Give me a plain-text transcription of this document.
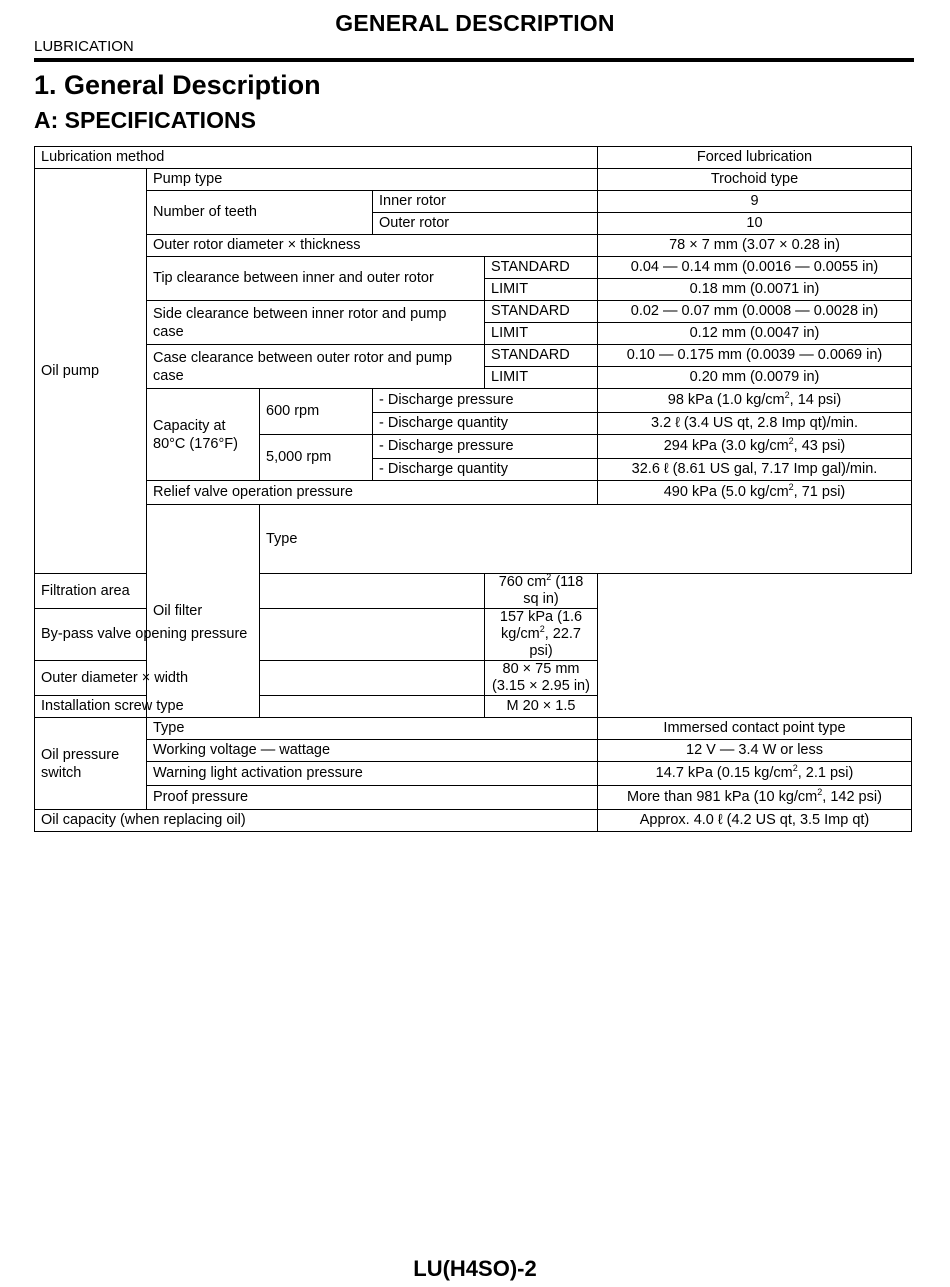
GENERAL DESCRIPTION
LUBRICATION
1. General Description
A: SPECIFICATIONS
Lubrication method					Forced lubrication	
Oil pump	Pump type				Trochoid type	
	Number of teeth		Inner rotor		9	
			Outer rotor		10	
	Outer rotor diameter × thickness				78 × 7 mm (3.07 × 0.28 in)	
	Tip clearance between inner and outer rotor			STANDARD	0.04 — 0.14 mm (0.0016 — 0.0055 in)	
				LIMIT	0.18 mm (0.0071 in)	
	Side clearance between inner rotor and pump case			STANDARD	0.02 — 0.07 mm (0.0008 — 0.0028 in)	
				LIMIT	0.12 mm (0.0047 in)	
	Case clearance between outer rotor and pump case			STANDARD	0.10 — 0.175 mm (0.0039 — 0.0069 in)	
				LIMIT	0.20 mm (0.0079 in)	
	Capacity at 80°C (176°F)	600 rpm	- Discharge pressure		98 kPa (1.0 $kg/cm^2$, 14 psi)	
			- Discharge quantity		3.2 ℓ (3.4 US qt, 2.8 Imp qt)/min.	
		5,000 rpm	- Discharge pressure		294 kPa (3.0 $kg/cm^2$, 43 psi)	
			- Discharge quantity		32.6 ℓ (8.61 US gal, 7.17 Imp gal)/min.	
	Relief valve operation pressure				490 kPa (5.0 $kg/cm^2$, 71 psi)	
	Oil filter	Type	
Filtration area				760 $cm^2$ (118 sq in)		
By-pass valve opening pressure				157 kPa (1.6 $kg/cm^2$, 22.7 psi)		
Outer diameter × width				80 × 75 mm (3.15 × 2.95 in)		
Installation screw type				M 20 × 1.5		
Oil pressure switch	Type				Immersed contact point type	
	Working voltage — wattage				12 V — 3.4 W or less	
	Warning light activation pressure				14.7 kPa (0.15 $kg/cm^2$, 2.1 psi)	
	Proof pressure				More than 981 kPa (10 $kg/cm^2$, 142 psi)	
Oil capacity (when replacing oil)					Approx. 4.0 ℓ (4.2 US qt, 3.5 Imp qt)	
LU(H4SO)-2
